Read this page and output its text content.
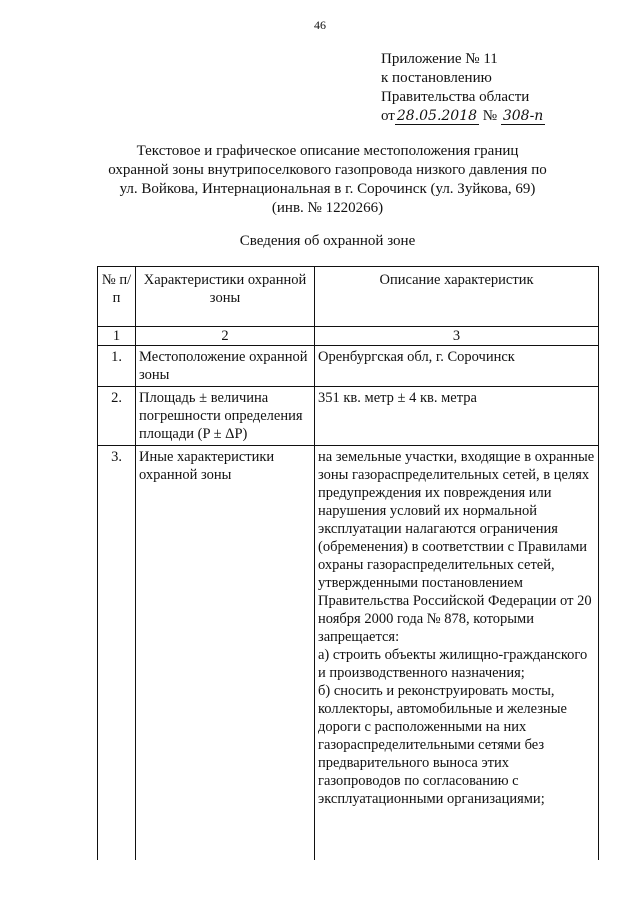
46
Приложение № 11
к постановлению
Правительства области
от 28.05.2018 № 308-п
Текстовое и графическое описание местоположения границ
охранной зоны внутрипоселкового газопровода низкого давления по
ул. Войкова, Интернациональная в г. Сорочинск (ул. Зуйкова, 69)
(инв. № 1220266)
Сведения об охранной зоне
№ п/п	Характеристики охранной зоны	Описание характеристик
1	2	3
1.	Местоположение охранной зоны	Оренбургская обл, г. Сорочинск
2.	Площадь ± величина погрешности определения площади (P ± ΔP)	351 кв. метр ± 4 кв. метра
3.	Иные характеристики охранной зоны	на земельные участки, входящие в охранные зоны газораспределительных сетей, в целях предупреждения их повреждения или нарушения условий их нормальной эксплуатации налагаются ограничения (обременения) в соответствии с Правилами охраны газораспределительных сетей, утвержденными постановлением Правительства Российской Федерации от 20 ноября 2000 года № 878, которыми запрещается:
а) строить объекты жилищно-гражданского и производственного назначения;
б) сносить и реконструировать мосты, коллекторы, автомобильные и железные дороги с расположенными на них газораспределительными сетями без предварительного выноса этих газопроводов по согласованию с эксплуатационными организациями;
